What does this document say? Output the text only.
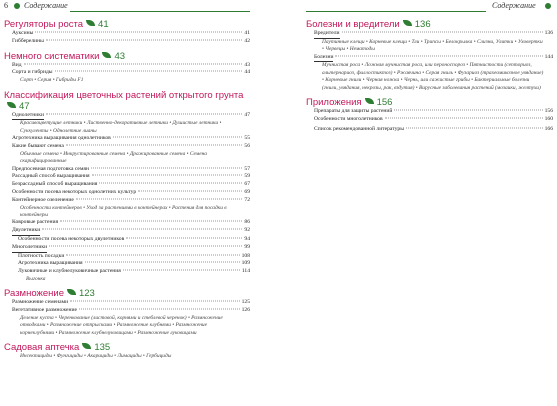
6 Содержание	Содержание
Регуляторы роста 41
Ауксины	41
Гибберелины	42
Немного систематики 43
Вид	43
Сорта и гибриды	44
Сорт • Серия • Гибриды F1
Классификация цветочных растений открытого грунта47
Однолетники	47
Красивоцветущие летники • Лиственно-декоративные летники • Душистые летники • Суккуленты • Однолетние лианы
Агротехника выращивания однолетников	55
Какие бывают семена	56
Обычные семена • Инкрустированные семена • Дражированные семена • Семена скарифицированные
Предпосевная подготовка семян	57
Рассадный способ выращивания	59
Безрассадный способ выращивания	67
Особенности посева некоторых однолетних культур	69
Контейнерное озеленение	72
Особенности контейнеров • Уход за растениями в контейнерах • Растения для посадки в контейнеры
Ковровые растения	86
Двулетники	92
Особенности посева некоторых двулетников	94
Многолетники	99
Плотность посадки	108
Агротехника выращивания	109
Луковичные и клубнелуковичные растения	114
Выгонка
Размножение 123
Размножение семенами	125
Вегетативное размножение	126
Деление куста • Черенкование (листовой, корнями и стеблевой черенок) • Размножение отводками • Размножение отпрысками • Размножение клубнями • Размножение корнеклубнями • Размножение клубнелуковицами • Размножение луковицами
Садовая аптечка 135
Инсектициды • Фунгициды • Акарициды • Лимациды • Гербициды
Болезни и вредители 136
Вредители	136
Паутинные клещи • Корневые клещи • Тли • Трипсы • Белокрылка • Слизни, Улитки • Уховертки • Червецы • Нематоды
Болезни	144
Мучнистая роса • Ложная мучнистая роса, или пероноспороз • Пятнистости (септориоз, альтернариоз, филлостиктоз) • Ржавчина • Серая гниль • Фузариоз (трахеомикозное увядание) • Корневые гнили • Черная ножка • Чернь, или сажистые грибы • Бактериальные болезни (гнили, увядания, некрозы, рак, вздутия) • Вирусные заболевания растений (мозаики, желтухи)
Приложения 156
Препараты для защиты растений	156
Особенности многолетников	160
Список рекомендованной литературы	166
